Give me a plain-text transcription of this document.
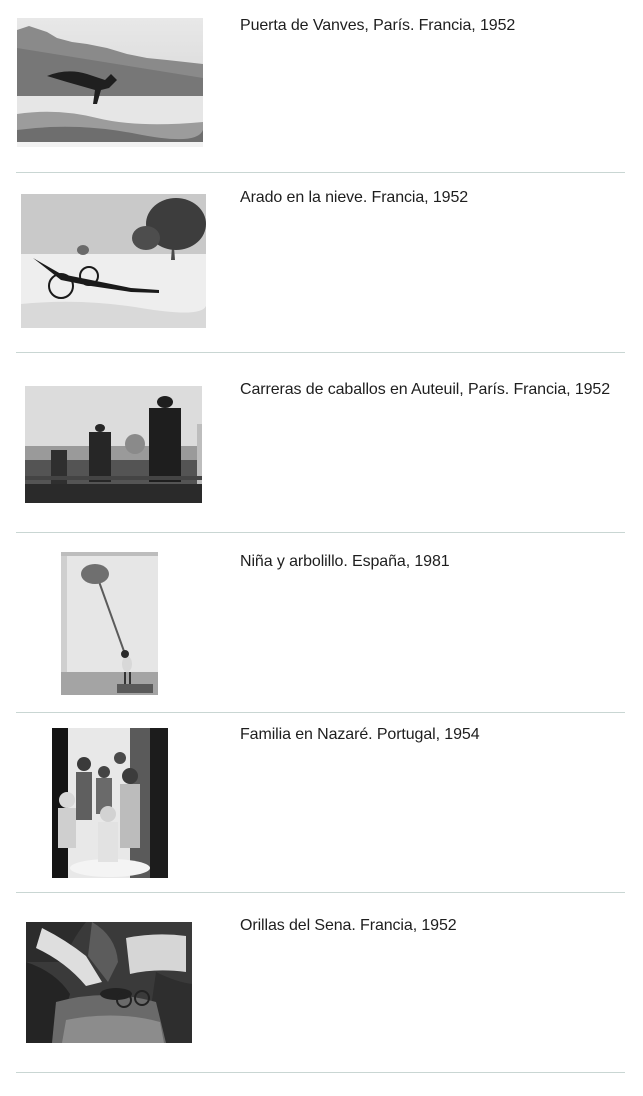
Puerta de Vanves, París. Francia, 1952

Arado en la nieve. Francia, 1952

Carreras de caballos en Auteuil, París. Francia, 1952

Niña y arbolillo. España, 1981

Familia en Nazaré. Portugal, 1954

Orillas del Sena. Francia, 1952
